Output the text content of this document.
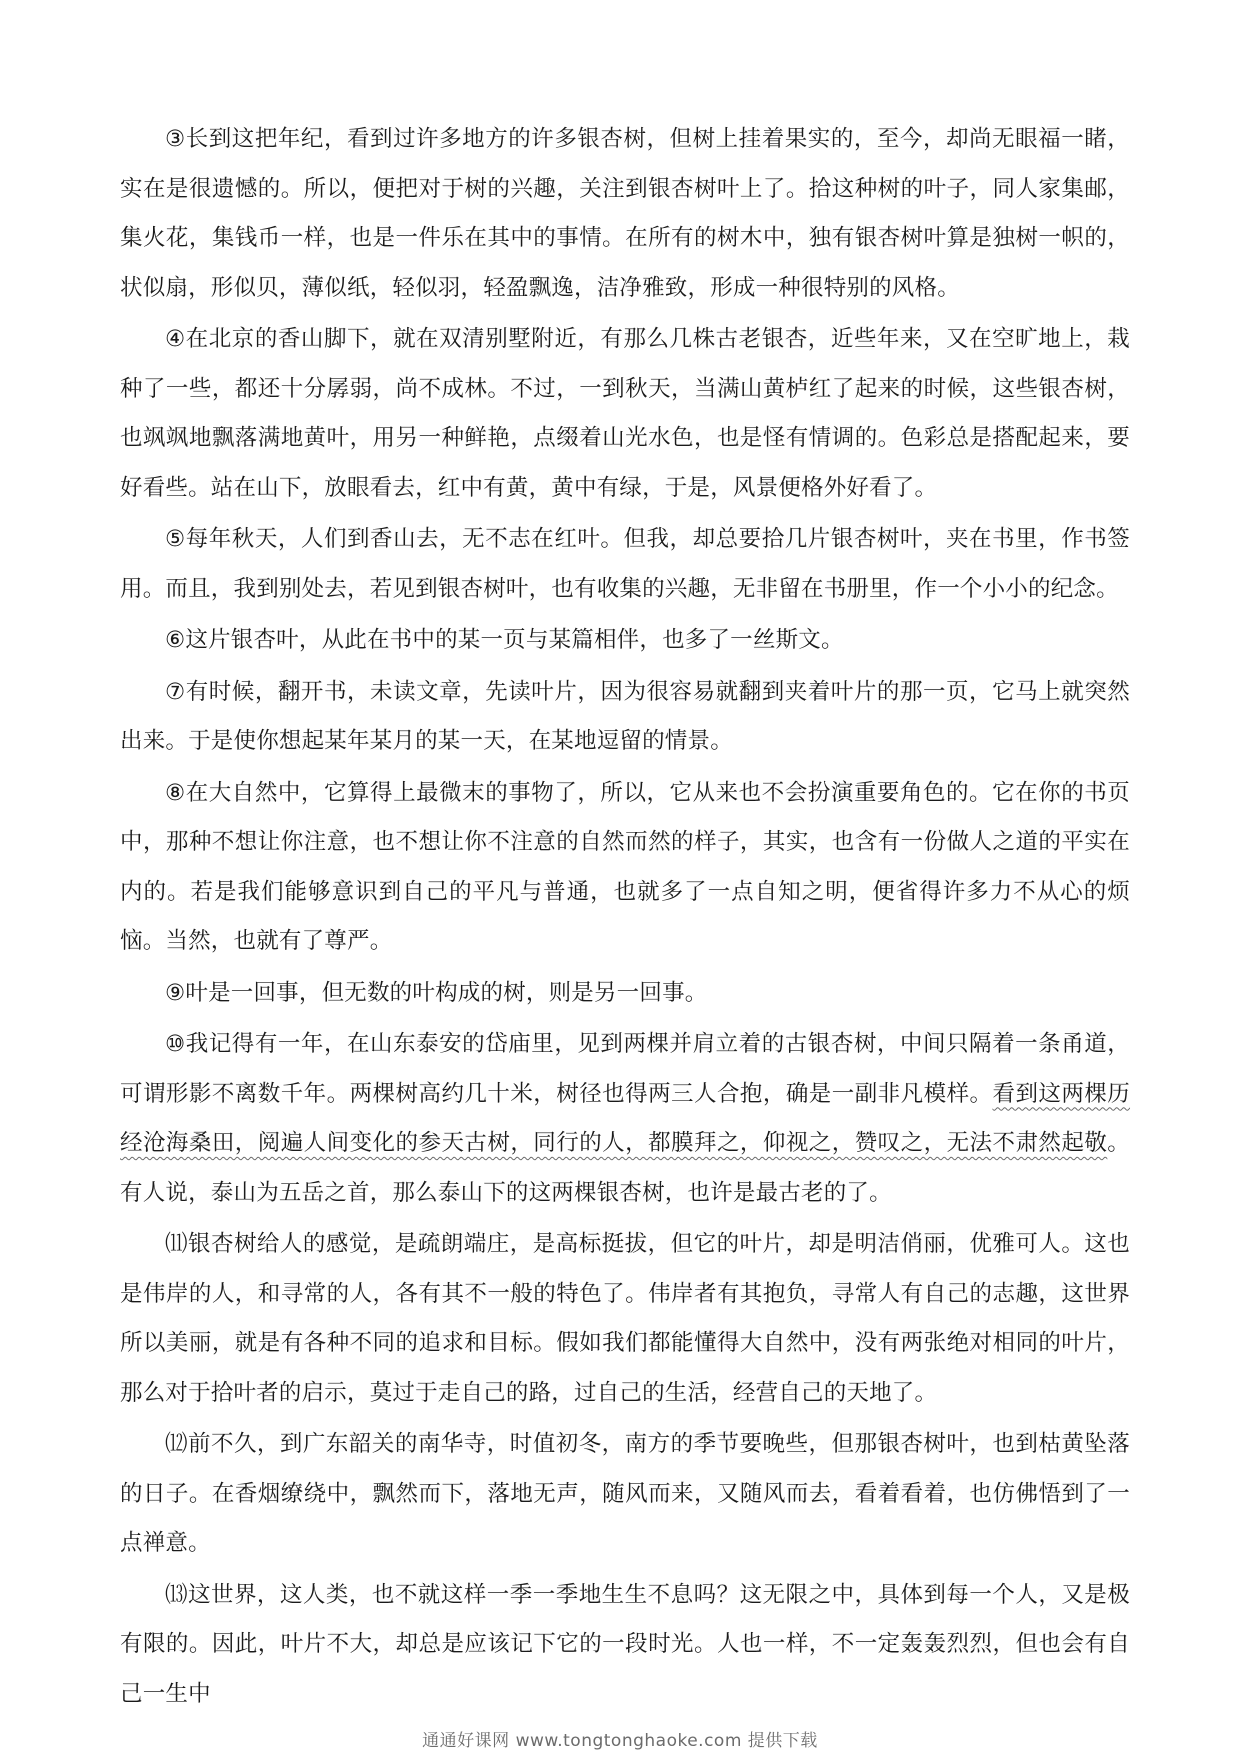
③长到这把年纪，看到过许多地方的许多银杏树，但树上挂着果实的，至今，却尚无眼福一睹，实在是很遗憾的。所以，便把对于树的兴趣，关注到银杏树叶上了。拾这种树的叶子，同人家集邮，集火花，集钱币一样，也是一件乐在其中的事情。在所有的树木中，独有银杏树叶算是独树一帜的，状似扇，形似贝，薄似纸，轻似羽，轻盈飘逸，洁净雅致，形成一种很特别的风格。

④在北京的香山脚下，就在双清别墅附近，有那么几株古老银杏，近些年来，又在空旷地上，栽种了一些，都还十分孱弱，尚不成林。不过，一到秋天，当满山黄栌红了起来的时候，这些银杏树，也飒飒地飘落满地黄叶，用另一种鲜艳，点缀着山光水色，也是怪有情调的。色彩总是搭配起来，要好看些。站在山下，放眼看去，红中有黄，黄中有绿，于是，风景便格外好看了。

⑤每年秋天，人们到香山去，无不志在红叶。但我，却总要拾几片银杏树叶，夹在书里，作书签用。而且，我到别处去，若见到银杏树叶，也有收集的兴趣，无非留在书册里，作一个小小的纪念。

⑥这片银杏叶，从此在书中的某一页与某篇相伴，也多了一丝斯文。

⑦有时候，翻开书，未读文章，先读叶片，因为很容易就翻到夹着叶片的那一页，它马上就突然出来。于是使你想起某年某月的某一天，在某地逗留的情景。

⑧在大自然中，它算得上最微末的事物了，所以，它从来也不会扮演重要角色的。它在你的书页中，那种不想让你注意，也不想让你不注意的自然而然的样子，其实，也含有一份做人之道的平实在内的。若是我们能够意识到自己的平凡与普通，也就多了一点自知之明，便省得许多力不从心的烦恼。当然，也就有了尊严。

⑨叶是一回事，但无数的叶构成的树，则是另一回事。

⑩我记得有一年，在山东泰安的岱庙里，见到两棵并肩立着的古银杏树，中间只隔着一条甬道，可谓形影不离数千年。两棵树高约几十米，树径也得两三人合抱，确是一副非凡模样。看到这两棵历经沧海桑田，阅遍人间变化的参天古树，同行的人，都膜拜之，仰视之，赞叹之，无法不肃然起敬。有人说，泰山为五岳之首，那么泰山下的这两棵银杏树，也许是最古老的了。

⑾银杏树给人的感觉，是疏朗端庄，是高标挺拔，但它的叶片，却是明洁俏丽，优雅可人。这也是伟岸的人，和寻常的人，各有其不一般的特色了。伟岸者有其抱负，寻常人有自己的志趣，这世界所以美丽，就是有各种不同的追求和目标。假如我们都能懂得大自然中，没有两张绝对相同的叶片，那么对于拾叶者的启示，莫过于走自己的路，过自己的生活，经营自己的天地了。

⑿前不久，到广东韶关的南华寺，时值初冬，南方的季节要晚些，但那银杏树叶，也到枯黄坠落的日子。在香烟缭绕中，飘然而下，落地无声，随风而来，又随风而去，看着看着，也仿佛悟到了一点禅意。

⒀这世界，这人类，也不就这样一季一季地生生不息吗？这无限之中，具体到每一个人，又是极有限的。因此，叶片不大，却总是应该记下它的一段时光。人也一样，不一定轰轰烈烈，但也会有自己一生中

通通好课网 www.tongtonghaoke.com 提供下载
